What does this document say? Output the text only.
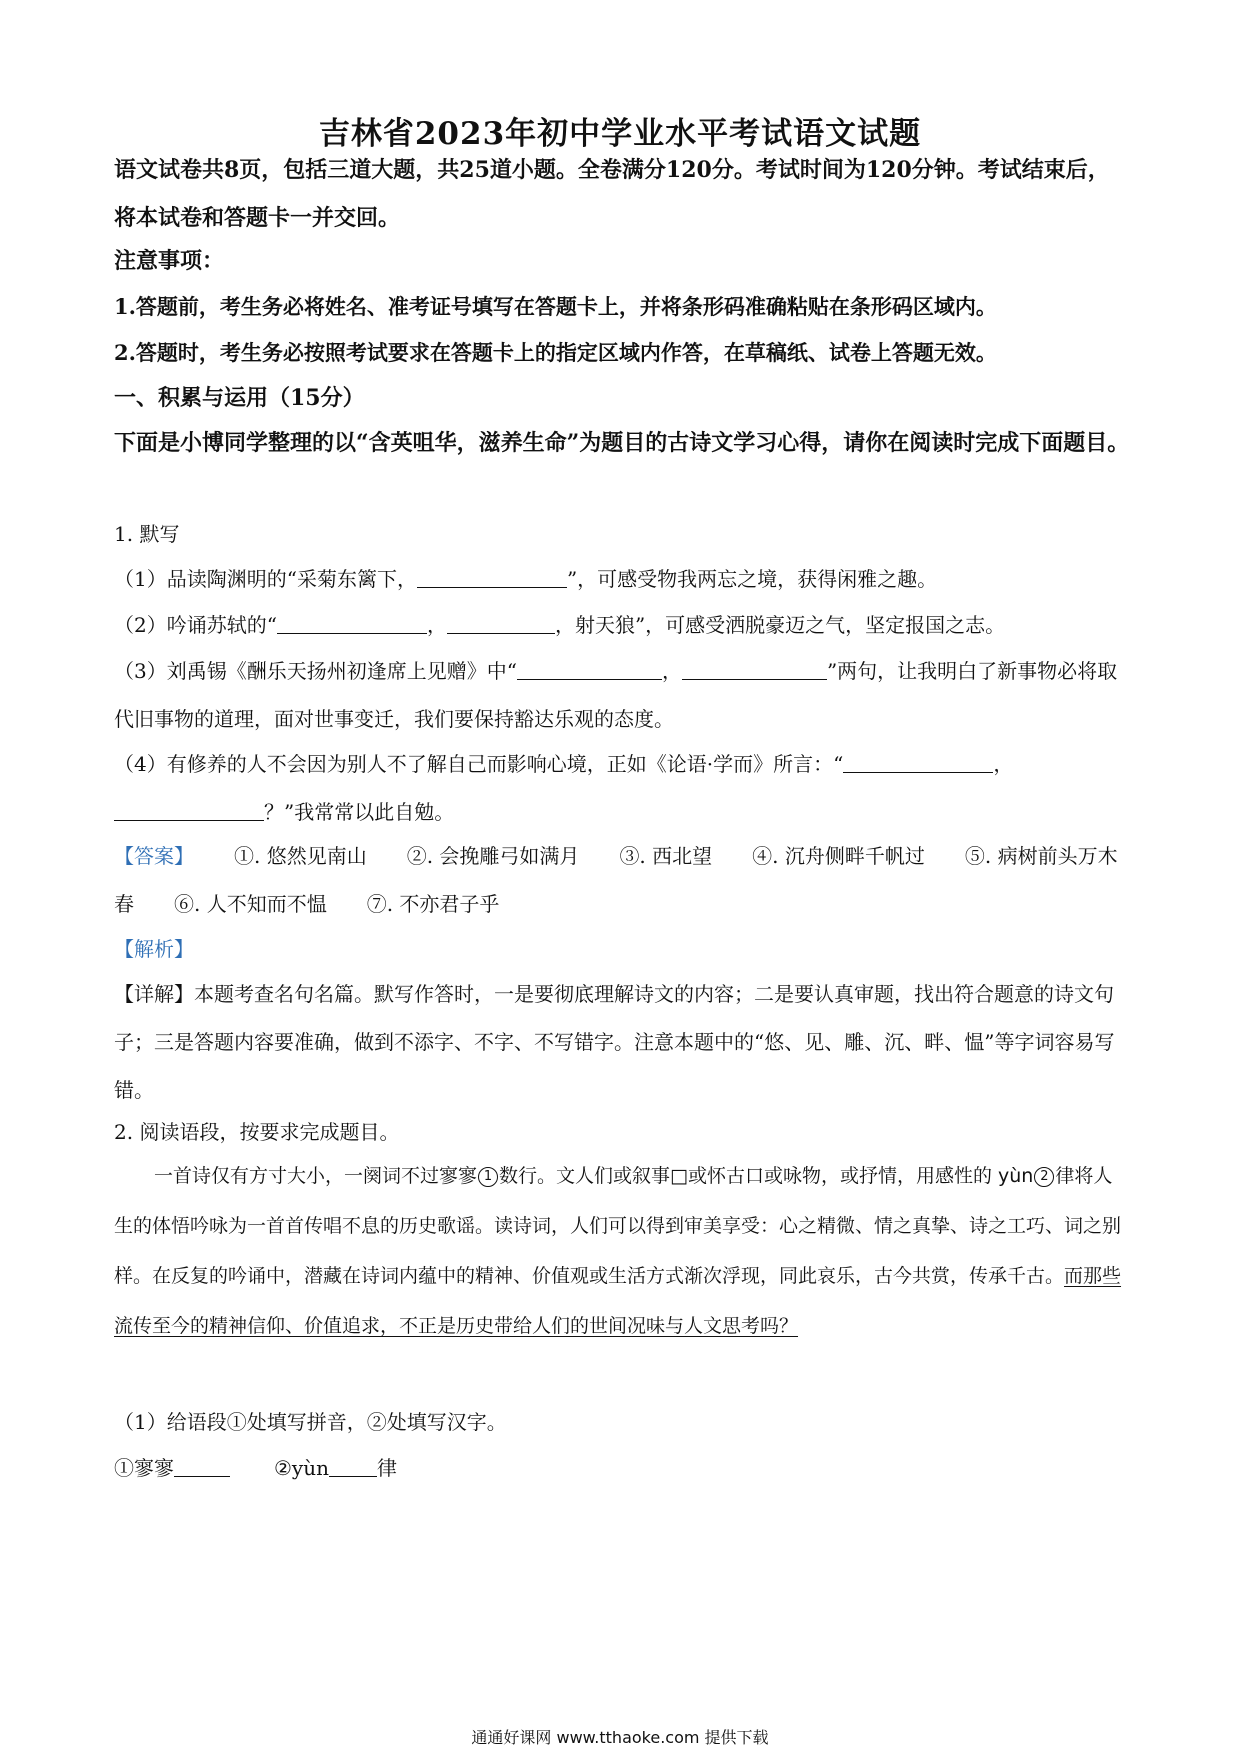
吉林省2023年初中学业水平考试语文试题
语文试卷共8页，包括三道大题，共25道小题。全卷满分120分。考试时间为120分钟。考试结束后，将本试卷和答题卡一并交回。
注意事项：
1.答题前，考生务必将姓名、准考证号填写在答题卡上，并将条形码准确粘贴在条形码区域内。
2.答题时，考生务必按照考试要求在答题卡上的指定区域内作答，在草稿纸、试卷上答题无效。
一、积累与运用（15分）
下面是小博同学整理的以“含英咀华，滋养生命”为题目的古诗文学习心得，请你在阅读时完成下面题目。
1. 默写
（1）品读陶渊明的“采菊东篱下，	”，可感受物我两忘之境，获得闲雅之趣。
（2）吟诵苏轼的“	，	，射天狼”，可感受洒脱豪迈之气，坚定报国之志。
（3）刘禹锡《酬乐天扬州初逢席上见赠》中“	，	”两句，让我明白了新事物必将取代旧事物的道理，面对世事变迁，我们要保持豁达乐观的态度。
（4）有修养的人不会因为别人不了解自己而影响心境，正如《论语·学而》所言：“	，？”我常常以此自勉。
【答案】 ①. 悠然见南山 ②. 会挽雕弓如满月 ③. 西北望 ④. 沉舟侧畔千帆过 ⑤. 病树前头万木春 ⑥. 人不知而不愠 ⑦. 不亦君子乎
【解析】
【详解】本题考查名句名篇。默写作答时，一是要彻底理解诗文的内容；二是要认真审题，找出符合题意的诗文句子；三是答题内容要准确，做到不添字、不字、不写错字。注意本题中的“悠、见、雕、沉、畔、愠”等字词容易写错。
2. 阅读语段，按要求完成题目。
一首诗仅有方寸大小，一阕词不过寥寥 1 数行。文人们或叙事□或怀古口或咏物，或抒情，用感性的 yùn 2 律将人生的体悟吟咏为一首首传唱不息的历史歌谣。读诗词，人们可以得到审美享受：心之精微、情之真挚、诗之工巧、词之别样。在反复的吟诵中，潜藏在诗词内蕴中的精神、价值观或生活方式渐次浮现，同此哀乐，古今共赏，传承千古。而那些流传至今的精神信仰、价值追求，不正是历史带给人们的世间况味与人文思考吗？
（1）给语段①处填写拼音，②处填写汉字。
①寥寥	②yùn 律
通通好课网 www.tthaoke.com 提供下载
